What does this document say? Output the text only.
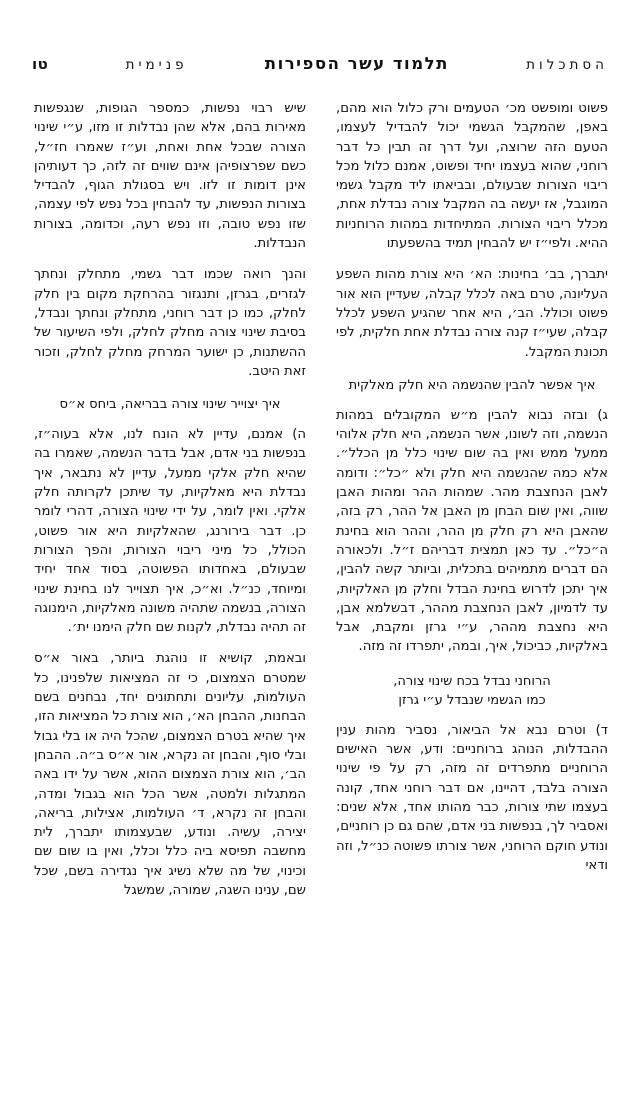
הסתכלות
תלמוד עשר הספירות
פנימית
טו

פשוט ומופשט מכ׳ הטעמים ורק כלול הוא מהם, באפן, שהמקבל הגשמי יכול להבדיל לעצמו, הטעם הזה שרוצה, ועל דרך זה תבין כל דבר רוחני, שהוא בעצמו יחיד ופשוט, אמנם כלול מכל ריבוי הצורות שבעולם, ובביאתו ליד מקבל גשמי המוגבל, אז יעשה בה המקבל צורה נבדלת אחת, מכלל ריבוי הצורות. המתיחדות במהות הרוחניות ההיא. ולפי״ז יש להבחין תמיד בהשפעתו

יתברך, בב׳ בחינות: הא׳ היא צורת מהות השפע העליונה, טרם באה לכלל קבלה, שעדיין הוא אור פשוט וכולל. הב׳, היא אחר שהגיע השפע לכלל קבלה, שעי״ז קנה צורה נבדלת אחת חלקית, לפי תכונת המקבל.

איך אפשר להבין שהנשמה היא חלק מאלקית

ג) ובזה נבוא להבין מ״ש המקובלים במהות הנשמה, וזה לשונו, אשר הנשמה, היא חלק אלוהי ממעל ממש ואין בה שום שינוי כלל מן הכלל״. אלא כמה שהנשמה היא חלק ולא ״כל״: ודומה לאבן הנחצבת מהר. שמהות ההר ומהות האבן שווה, ואין שום הבחן מן האבן אל ההר, רק בזה, שהאבן היא רק חלק מן ההר, וההר הוא בחינת ה״כל״. עד כאן תמצית דבריהם ז״ל. ולכאורה הם דברים מתמיהים בתכלית, וביותר קשה להבין, איך יתכן לדרוש בחינת הבדל וחלק מן האלקיות, עד לדמיון, לאבן הנחצבת מההר, דבשלמא אבן, היא נחצבת מההר, ע״י גרזן ומקבת, אבל באלקיות, כביכול, איך, ובמה, יתפרדו זה מזה.

הרוחני נבדל בכח שינוי צורה,
כמו הגשמי שנבדל ע״י גרזן

ד) וטרם נבא אל הביאור, נסביר מהות ענין ההבדלות, הנוהג ברוחניים: ודע, אשר האישים הרוחניים מתפרדים זה מזה, רק על פי שינוי הצורה בלבד, דהיינו, אם דבר רוחני אחד, קונה בעצמו שתי צורות, כבר מהותו אחד, אלא שנים: ואסביר לך, בנפשות בני אדם, שהם גם כן רוחניים, ונודע חוקם הרוחני, אשר צורתו פשוטה כנ״ל, וזה ודאי

שיש רבוי נפשות, כמספר הגופות, שנגפשות מאירות בהם, אלא שהן נבדלות זו מזו, ע״י שינוי הצורה שבכל אחת ואחת, וע״ז שאמרו חז״ל, כשם שפרצופיהן אינם שווים זה לזה, כך דעותיהן אינן דומות זו לזו. ויש בסגולת הגוף, להבדיל בצורות הנפשות, עד להבחין בכל נפש לפי עצמה, שזו נפש טובה, וזו נפש רעה, וכדומה, בצורות הנבדלות.

והנך רואה שכמו דבר גשמי, מתחלק ונחתך לגזרים, בגרזן, ותנגזור בהרחקת מקום בין חלק לחלק, כמו כן דבר רוחני, מתחלק ונחתך ונבדל, בסיבת שינוי צורה מחלק לחלק, ולפי השיעור של ההשתנות, כן ישוער המרחק מחלק לחלק, וזכור זאת היטב.

איך יצוייר שינוי צורה בבריאה, ביחס א״ס

ה) אמנם, עדיין לא הונח לנו, אלא בעוה״ז, בנפשות בני אדם, אבל בדבר הנשמה, שאמרו בה שהיא חלק אלקי ממעל, עדיין לא נתבאר, איך נבדלת היא מאלקיות, עד שיתכן לקרותה חלק אלקי. ואין לומר, על ידי שינוי הצורה, דהרי לומר כן. דבר בירורנג, שהאלקיות היא אור פשוט, הכולל, כל מיני ריבוי הצורות, והפך הצורות שבעולם, באחדותו הפשוטה, בסוד אחד יחיד ומיוחד, כנ״ל. וא״כ, איך תצוייר לנו בחינת שינוי הצורה, בנשמה שתהיה משונה מאלקיות, הימנוגה זה תהיה נבדלת, לקנות שם חלק הימנו ית׳.

ובאמת, קושיא זו נוהגת ביותר, באור א״ס שמטרם הצמצום, כי זה המציאות שלפנינו, כל העולמות, עליונים ותחתונים יחד, נבחנים בשם הבחנות, ההבחן הא׳, הוא צורת כל המציאות הזו, איך שהיא בטרם הצמצום, שהכל היה או בלי גבול ובלי סוף, והבחן זה נקרא, אור א״ס ב״ה. ההבחן הב׳, הוא צורת הצמצום ההוא, אשר על ידו באה המתגלות ולמטה, אשר הכל הוא בגבול ומדה, והבחן זה נקרא, ד׳ העולמות, אצילות, בריאה, יצירה, עשיה. ונודע, שבעצמותו יתברך, לית מחשבה תפיסא ביה כלל וכלל, ואין בו שום שם וכינוי, של מה שלא נשיג איך נגדירה בשם, שכל שם, ענינו השגה, שמורה, שמשגל
